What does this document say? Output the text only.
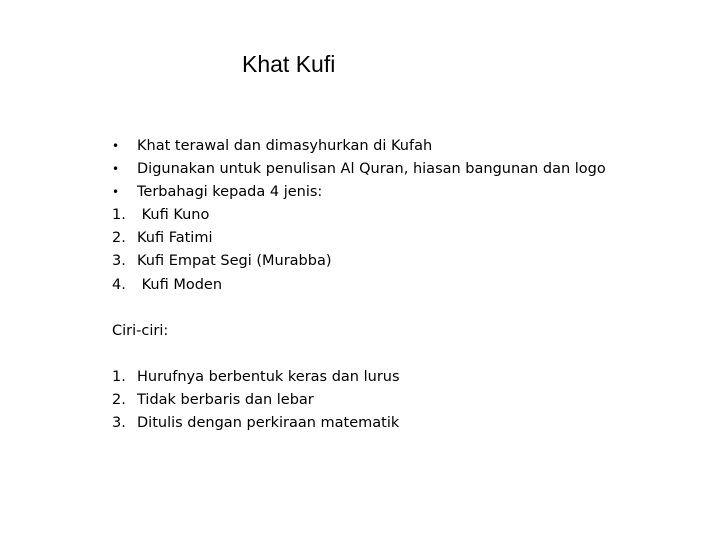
Khat Kufi
•	Khat terawal dan dimasyhurkan di Kufah
•	Digunakan untuk penulisan Al Quran, hiasan bangunan dan logo
•	Terbahagi kepada 4 jenis:
1. Kufi Kuno
2. Kufi Fatimi
3. Kufi Empat Segi (Murabba)
4. Kufi Moden
Ciri-ciri:
1. Hurufnya berbentuk keras dan lurus
2. Tidak berbaris dan lebar
3. Ditulis dengan perkiraan matematik
